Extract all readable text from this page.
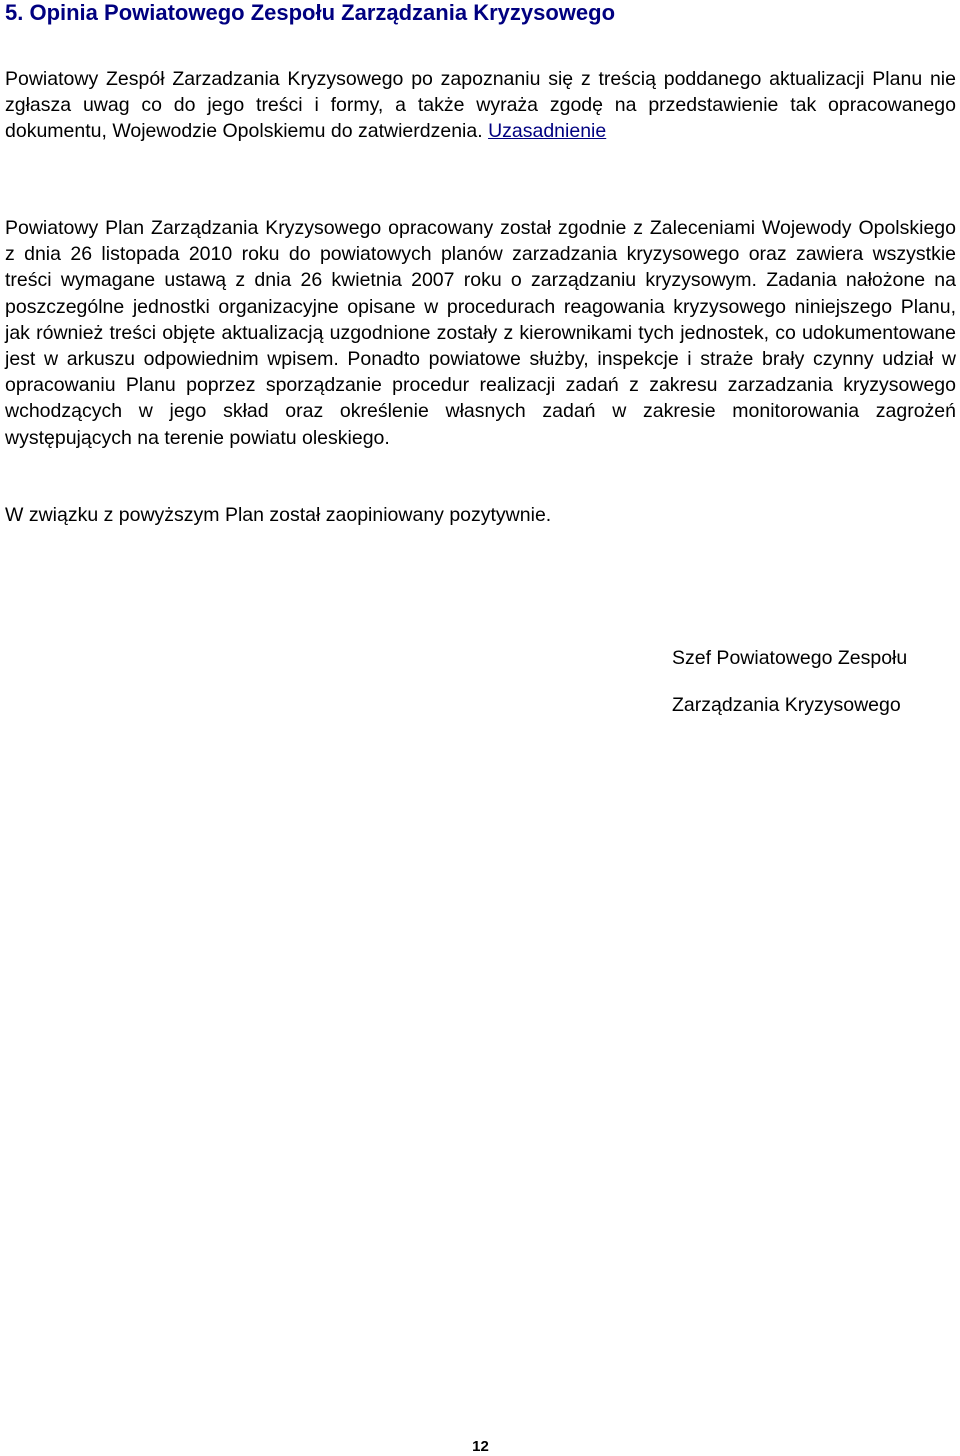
5. Opinia Powiatowego Zespołu Zarządzania Kryzysowego
Powiatowy Zespół Zarzadzania Kryzysowego po zapoznaniu się z treścią poddanego aktualizacji Planu nie zgłasza uwag co do jego treści i formy, a także wyraża zgodę na przedstawienie tak opracowanego dokumentu, Wojewodzie Opolskiemu do zatwierdzenia. Uzasadnienie
Powiatowy Plan Zarządzania Kryzysowego opracowany został zgodnie z Zaleceniami Wojewody Opolskiego z dnia 26 listopada 2010 roku do powiatowych planów zarzadzania kryzysowego oraz zawiera wszystkie treści wymagane ustawą z dnia 26 kwietnia 2007 roku o zarządzaniu kryzysowym. Zadania nałożone na poszczególne jednostki organizacyjne opisane w procedurach reagowania kryzysowego niniejszego Planu, jak również treści objęte aktualizacją uzgodnione zostały z kierownikami tych jednostek, co udokumentowane jest w arkuszu odpowiednim wpisem. Ponadto powiatowe służby, inspekcje i straże brały czynny udział w opracowaniu Planu poprzez sporządzanie procedur realizacji zadań z zakresu zarzadzania kryzysowego wchodzących w jego skład oraz określenie własnych zadań w zakresie monitorowania zagrożeń występujących na terenie powiatu oleskiego.
W związku z powyższym Plan został zaopiniowany pozytywnie.
Szef Powiatowego Zespołu
Zarządzania Kryzysowego
12
